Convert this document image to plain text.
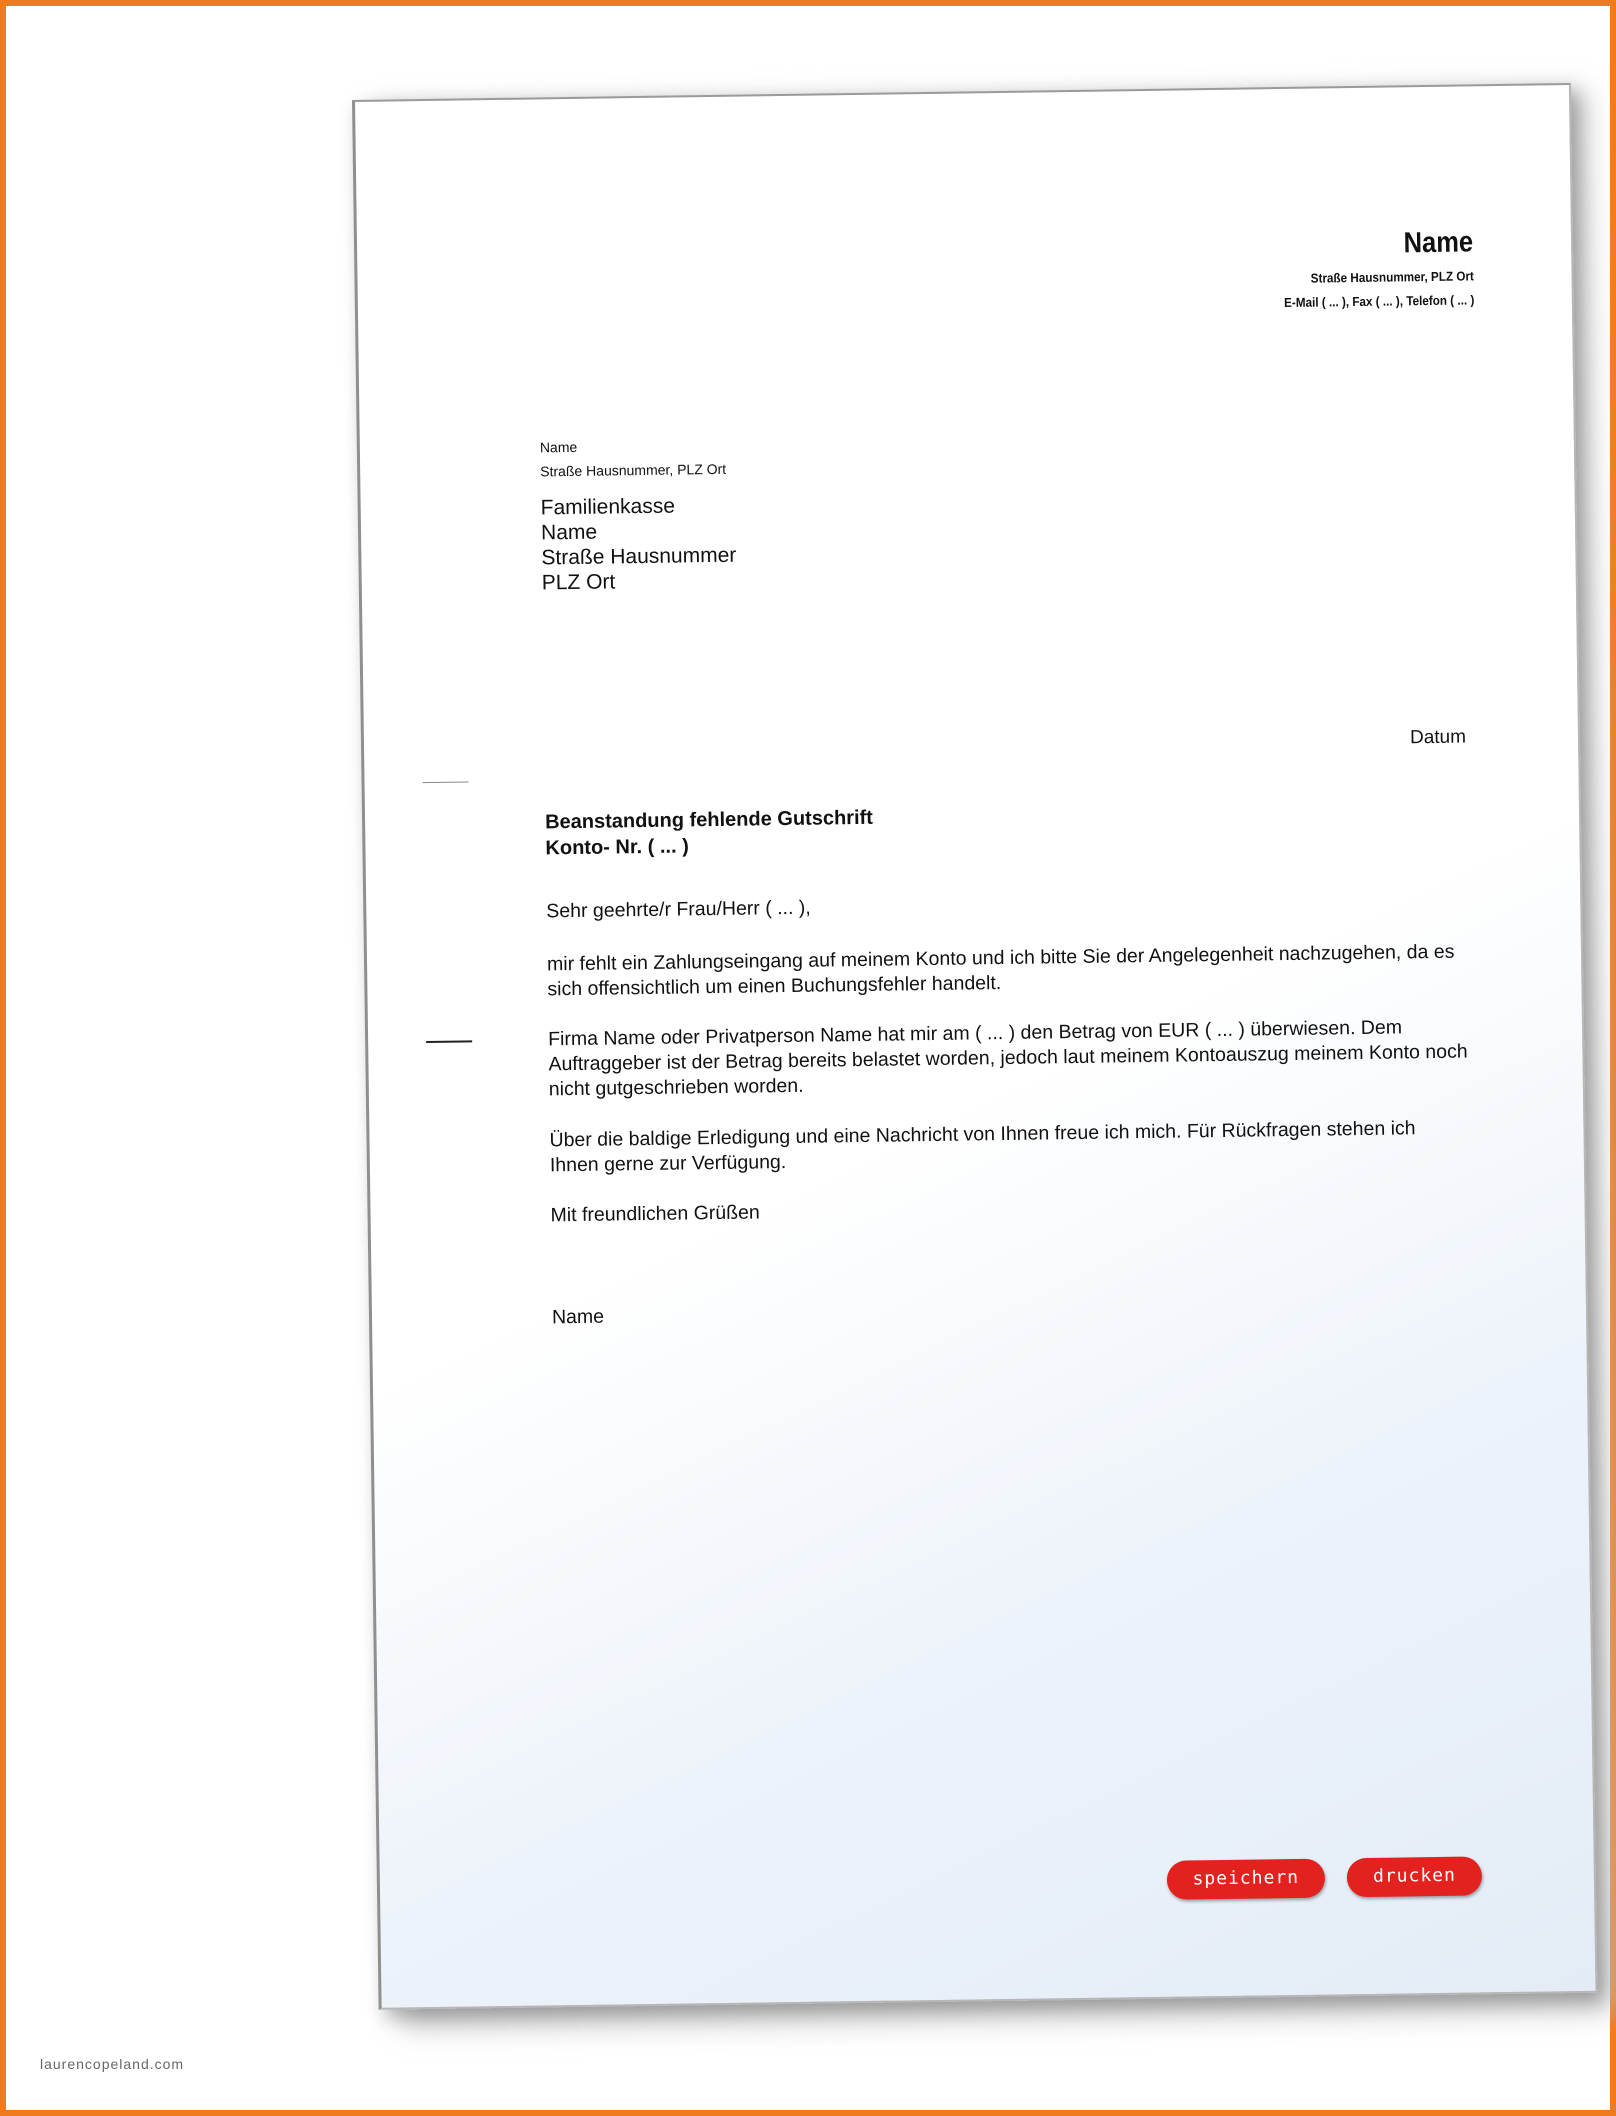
Name

Straße Hausnummer, PLZ Ort

E-Mail ( ... ), Fax ( ... ), Telefon ( ... )

Name

Straße Hausnummer, PLZ Ort

Familienkasse
Name
Straße Hausnummer
PLZ Ort

Datum

Beanstandung fehlende Gutschrift
Konto- Nr. ( ... )

Sehr geehrte/r Frau/Herr ( ... ),

mir fehlt ein Zahlungseingang auf meinem Konto und ich bitte Sie der Angelegenheit nachzugehen, da es sich offensichtlich um einen Buchungsfehler handelt.

Firma Name oder Privatperson Name hat mir am ( ... ) den Betrag von EUR ( ... ) überwiesen. Dem Auftraggeber ist der Betrag bereits belastet worden, jedoch laut meinem Kontoauszug meinem Konto noch nicht gutgeschrieben worden.

Über die baldige Erledigung und eine Nachricht von Ihnen freue ich mich. Für Rückfragen stehen ich Ihnen gerne zur Verfügung.

Mit freundlichen Grüßen

Name

speichern	drucken
laurencopeland.com
